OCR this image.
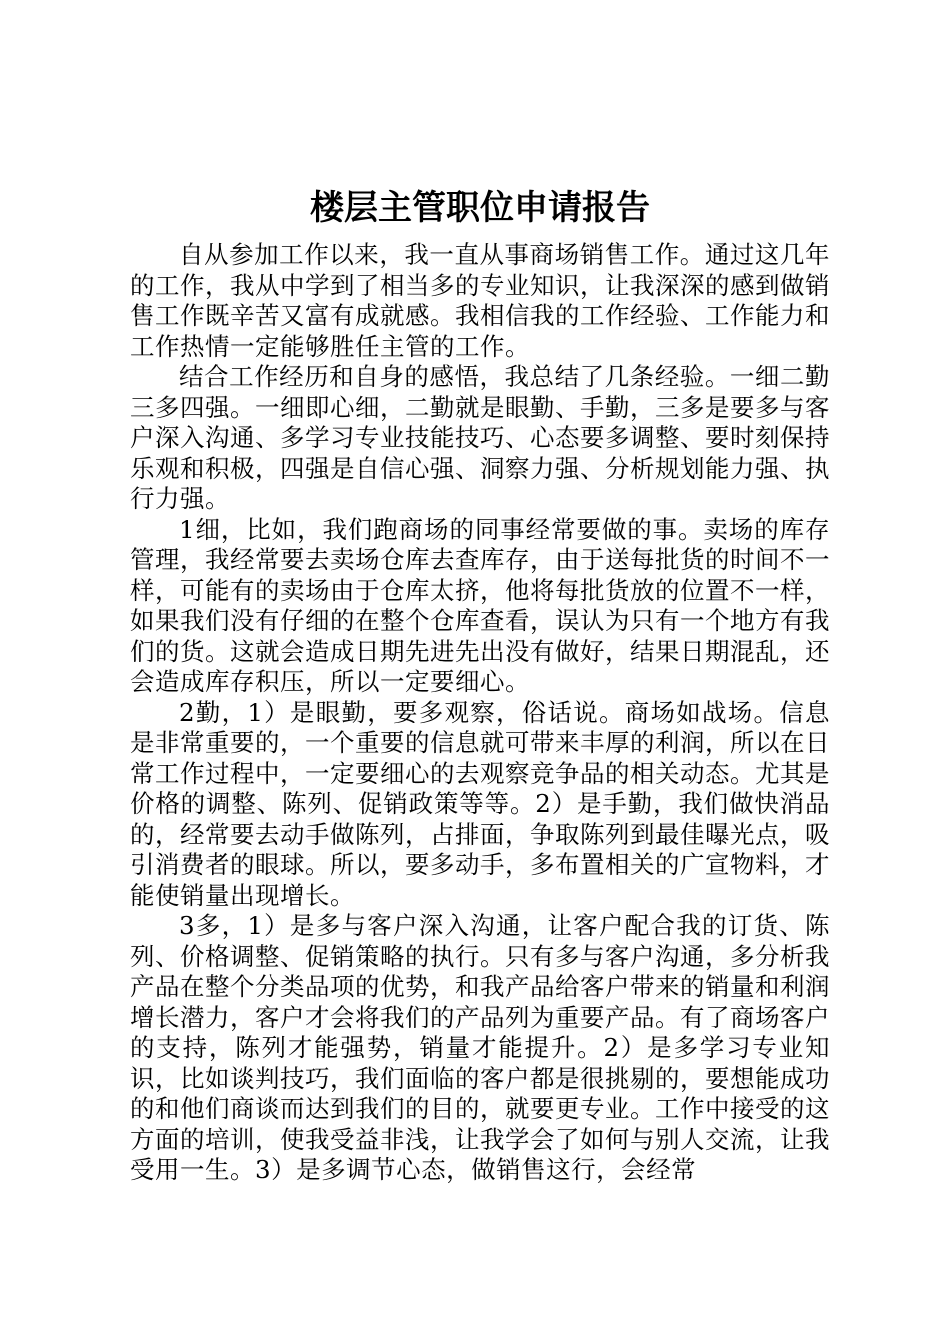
楼层主管职位申请报告

自从参加工作以来，我一直从事商场销售工作。通过这几年的工作，我从中学到了相当多的专业知识，让我深深的感到做销售工作既辛苦又富有成就感。我相信我的工作经验、工作能力和工作热情一定能够胜任主管的工作。

结合工作经历和自身的感悟，我总结了几条经验。一细二勤三多四强。一细即心细，二勤就是眼勤、手勤，三多是要多与客户深入沟通、多学习专业技能技巧、心态要多调整、要时刻保持乐观和积极，四强是自信心强、洞察力强、分析规划能力强、执行力强。

1细，比如，我们跑商场的同事经常要做的事。卖场的库存管理，我经常要去卖场仓库去查库存，由于送每批货的时间不一样，可能有的卖场由于仓库太挤，他将每批货放的位置不一样，如果我们没有仔细的在整个仓库查看，误认为只有一个地方有我们的货。这就会造成日期先进先出没有做好，结果日期混乱，还会造成库存积压，所以一定要细心。

2勤，1）是眼勤，要多观察，俗话说。商场如战场。信息是非常重要的，一个重要的信息就可带来丰厚的利润，所以在日常工作过程中，一定要细心的去观察竞争品的相关动态。尤其是价格的调整、陈列、促销政策等等。2）是手勤，我们做快消品的，经常要去动手做陈列，占排面，争取陈列到最佳曝光点，吸引消费者的眼球。所以，要多动手，多布置相关的广宣物料，才能使销量出现增长。

3多，1）是多与客户深入沟通，让客户配合我的订货、陈列、价格调整、促销策略的执行。只有多与客户沟通，多分析我产品在整个分类品项的优势，和我产品给客户带来的销量和利润增长潜力，客户才会将我们的产品列为重要产品。有了商场客户的支持，陈列才能强势，销量才能提升。2）是多学习专业知识，比如谈判技巧，我们面临的客户都是很挑剔的，要想能成功的和他们商谈而达到我们的目的，就要更专业。工作中接受的这方面的培训，使我受益非浅，让我学会了如何与别人交流，让我受用一生。3）是多调节心态，做销售这行，会经常
